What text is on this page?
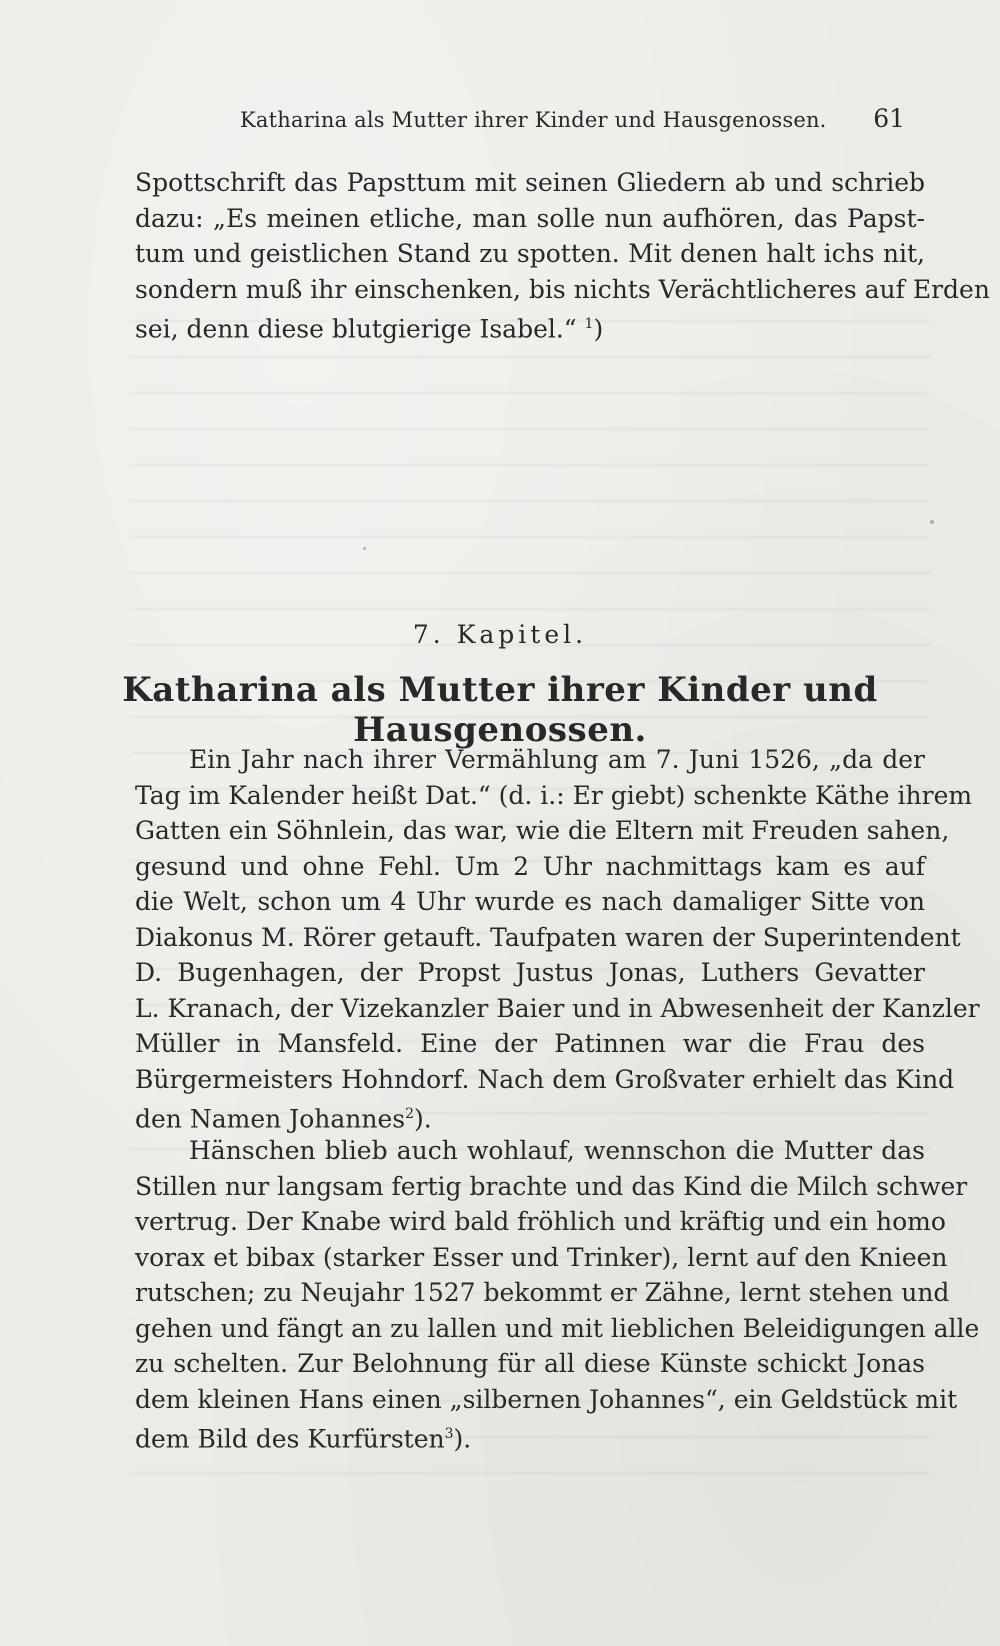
Katharina als Mutter ihrer Kinder und Hausgenossen. 61
Spottschrift das Papsttum mit seinen Gliedern ab und schrieb
dazu: „Es meinen etliche, man solle nun aufhören, das Papst-
tum und geistlichen Stand zu spotten. Mit denen halt ichs nit,
sondern muß ihr einschenken, bis nichts Verächtlicheres auf Erden
sei, denn diese blutgierige Isabel.“ $^1$)
7. Kapitel.
Katharina als Mutter ihrer Kinder und Hausgenossen.
Ein Jahr nach ihrer Vermählung am 7. Juni 1526, „da der
Tag im Kalender heißt Dat.“ (d. i.: Er giebt) schenkte Käthe ihrem
Gatten ein Söhnlein, das war, wie die Eltern mit Freuden sahen,
gesund und ohne Fehl. Um 2 Uhr nachmittags kam es auf
die Welt, schon um 4 Uhr wurde es nach damaliger Sitte von
Diakonus M. Rörer getauft. Taufpaten waren der Superintendent
D. Bugenhagen, der Propst Justus Jonas, Luthers Gevatter
L. Kranach, der Vizekanzler Baier und in Abwesenheit der Kanzler
Müller in Mansfeld. Eine der Patinnen war die Frau des
Bürgermeisters Hohndorf. Nach dem Großvater erhielt das Kind
den Namen Johannes$^2$).
Hänschen blieb auch wohlauf, wennschon die Mutter das
Stillen nur langsam fertig brachte und das Kind die Milch schwer
vertrug. Der Knabe wird bald fröhlich und kräftig und ein homo
vorax et bibax (starker Esser und Trinker), lernt auf den Knieen
rutschen; zu Neujahr 1527 bekommt er Zähne, lernt stehen und
gehen und fängt an zu lallen und mit lieblichen Beleidigungen alle
zu schelten. Zur Belohnung für all diese Künste schickt Jonas
dem kleinen Hans einen „silbernen Johannes“, ein Geldstück mit
dem Bild des Kurfürsten$^3$).
